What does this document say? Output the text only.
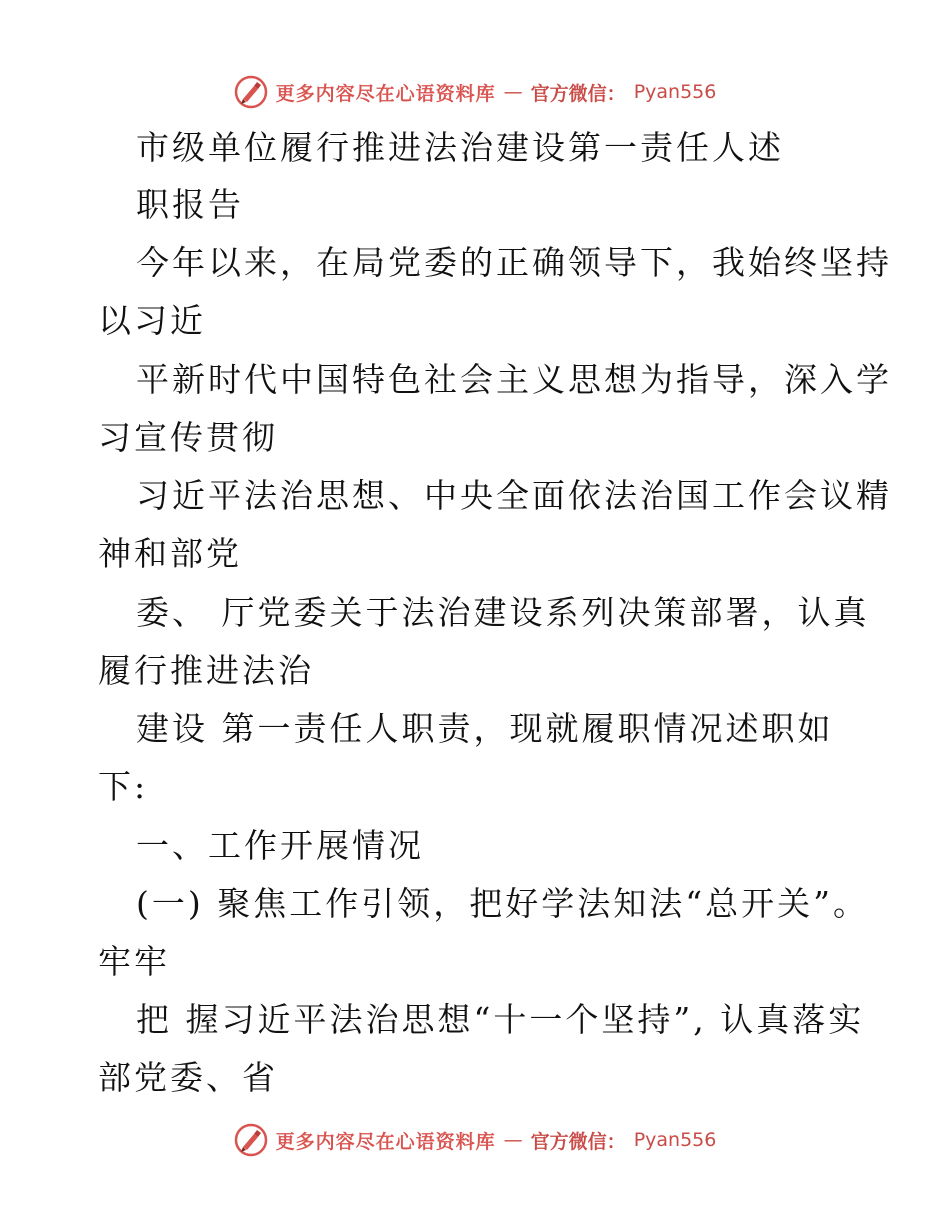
更多内容尽在心语资料库 — 官方微信： Pyan556
市级单位履行推进法治建设第一责任人述
职报告
今年以来，在局党委的正确领导下，我始终坚持
以习近
平新时代中国特色社会主义思想为指导，深入学
习宣传贯彻
习近平法治思想、中央全面依法治国工作会议精
神和部党
委、 厅党委关于法治建设系列决策部署，认真
履行推进法治
建设 第一责任人职责，现就履职情况述职如
下:
一、工作开展情况
(一) 聚焦工作引领，把好学法知法“总开关”。
牢牢
把 握习近平法治思想“十一个坚持”, 认真落实
部党委、省
更多内容尽在心语资料库 — 官方微信： Pyan556
